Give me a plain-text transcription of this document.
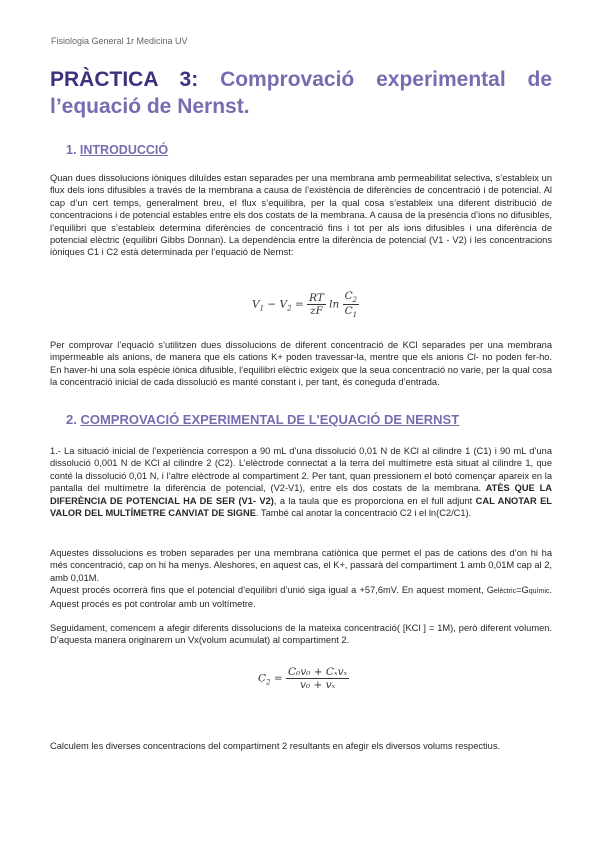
Fisiologia General 1r Medicina UV
PRÀCTICA 3: Comprovació experimental de l’equació de Nernst.
1. INTRODUCCIÓ
Quan dues dissolucions iòniques diluïdes estan separades per una membrana amb permeabilitat selectiva, s’estableix un flux dels ions difusibles a través de la membrana a causa de l’existència de diferències de concentració i de potencial. Al cap d’un cert temps, generalment breu, el flux s’equilibra, per la qual cosa s’estableix una diferent distribució de concentracions i de potencial estables entre els dos costats de la membrana. A causa de la presència d’ions no difusibles, l’equilibri que s’estableix determina diferències de concentració fins i tot per als ions difusibles i una diferència de potencial elèctric (equilibri Gibbs Donnan). La dependència entre la diferència de potencial (V1 - V2) i les concentracions iòniques C1 i C2 està determinada per l’equació de Nernst:
$V_1 - V_2 = \frac{RT}{zF}$ $\ln \frac{C_2}{C_1}$
Per comprovar l’equació s’utilitzen dues dissolucions de diferent concentració de KCl separades per una membrana impermeable als anions, de manera que els cations K+ poden travessar-la, mentre que els anions Cl- no poden fer-ho. En haver-hi una sola espècie iònica difusible, l’equilibri elèctric exigeix que la seua concentració no varie, per la qual cosa la concentració inicial de cada dissolució es manté constant i, per tant, és coneguda d’entrada.
2. COMPROVACIÓ EXPERIMENTAL DE L'EQUACIÓ DE NERNST
1.- La situació inicial de l’experiència correspon a 90 mL d’una dissolució 0,01 N de KCl al cilindre 1 (C1) i 90 mL d’una dissolució 0,001 N de KCl al cilindre 2 (C2). L’elèctrode connectat a la terra del multímetre està situat al cilindre 1, que conté la dissolució 0,01 N, i l’altre elèctrode al compartiment 2. Per tant, quan pressionem el botó començar apareix en la pantalla del multímetre la diferència de potencial, (V2-V1), entre els dos costats de la membrana. ATÈS QUE LA DIFERÈNCIA DE POTENCIAL HA DE SER (V1- V2), a la taula que es proporciona en el full adjunt CAL ANOTAR EL VALOR DEL MULTÍMETRE CANVIAT DE SIGNE. També cal anotar la concentració C2 i el ln(C2/C1).
Aquestes dissolucions es troben separades per una membrana catiònica que permet el pas de cations des d’on hi ha més concentració, cap on hi ha menys. Aleshores, en aquest cas, el K+, passarà del compartiment 1 amb 0,01M cap al 2, amb 0,01M.
Aquest procés ocorrerà fins que el potencial d’equilibri d’unió siga igual a +57,6mV. En aquest moment, Gelèctric=Gquímic. Aquest procés es pot controlar amb un voltímetre.
Seguidament, comencem a afegir diferents dissolucions de la mateixa concentració( [KCl ] = 1M), però diferent volumen. D’aquesta manera originarem un Vx(volum acumulat) al compartiment 2.
$C_2 = \frac{\text{C₀v₀ + Cₓvₓ}}{\text{v₀ + vₓ}}$
Calculem les diverses concentracions del compartiment 2 resultants en afegir els diversos volums respectius.
